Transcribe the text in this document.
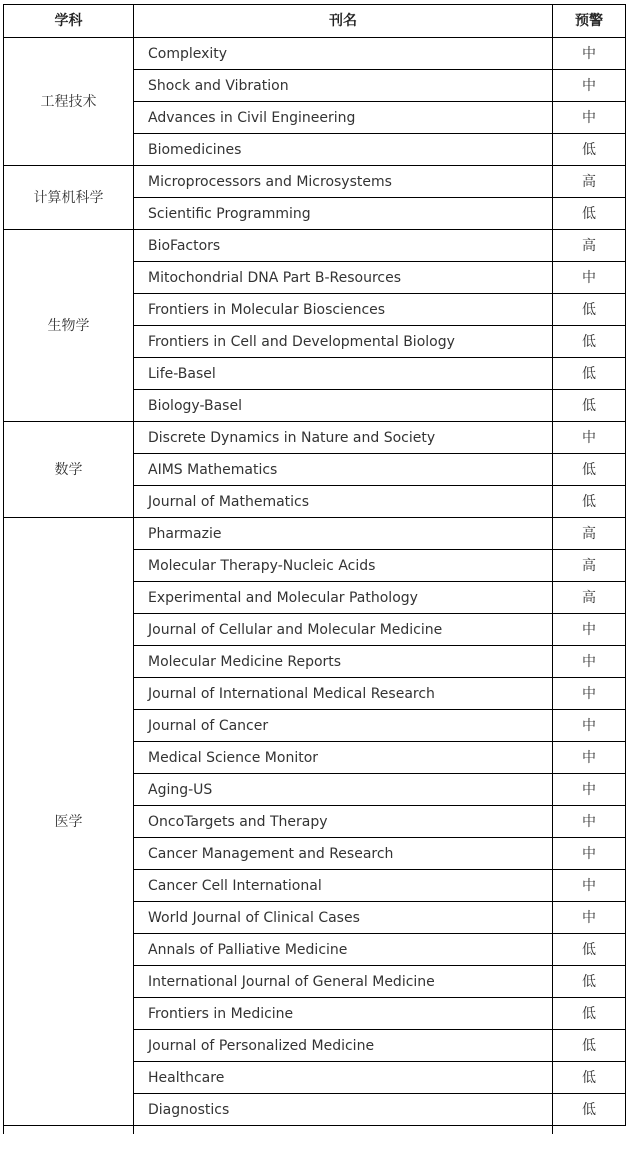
学科	刊名	预警
工程技术	Complexity	中
	Shock and Vibration	中
	Advances in Civil Engineering	中
	Biomedicines	低
计算机科学	Microprocessors and Microsystems	高
	Scientific Programming	低
生物学	BioFactors	高
	Mitochondrial DNA Part B-Resources	中
	Frontiers in Molecular Biosciences	低
	Frontiers in Cell and Developmental Biology	低
	Life-Basel	低
	Biology-Basel	低
数学	Discrete Dynamics in Nature and Society	中
	AIMS Mathematics	低
	Journal of Mathematics	低
医学	Pharmazie	高
	Molecular Therapy-Nucleic Acids	高
	Experimental and Molecular Pathology	高
	Journal of Cellular and Molecular Medicine	中
	Molecular Medicine Reports	中
	Journal of International Medical Research	中
	Journal of Cancer	中
	Medical Science Monitor	中
	Aging-US	中
	OncoTargets and Therapy	中
	Cancer Management and Research	中
	Cancer Cell International	中
	World Journal of Clinical Cases	中
	Annals of Palliative Medicine	低
	International Journal of General Medicine	低
	Frontiers in Medicine	低
	Journal of Personalized Medicine	低
	Healthcare	低
	Diagnostics	低
